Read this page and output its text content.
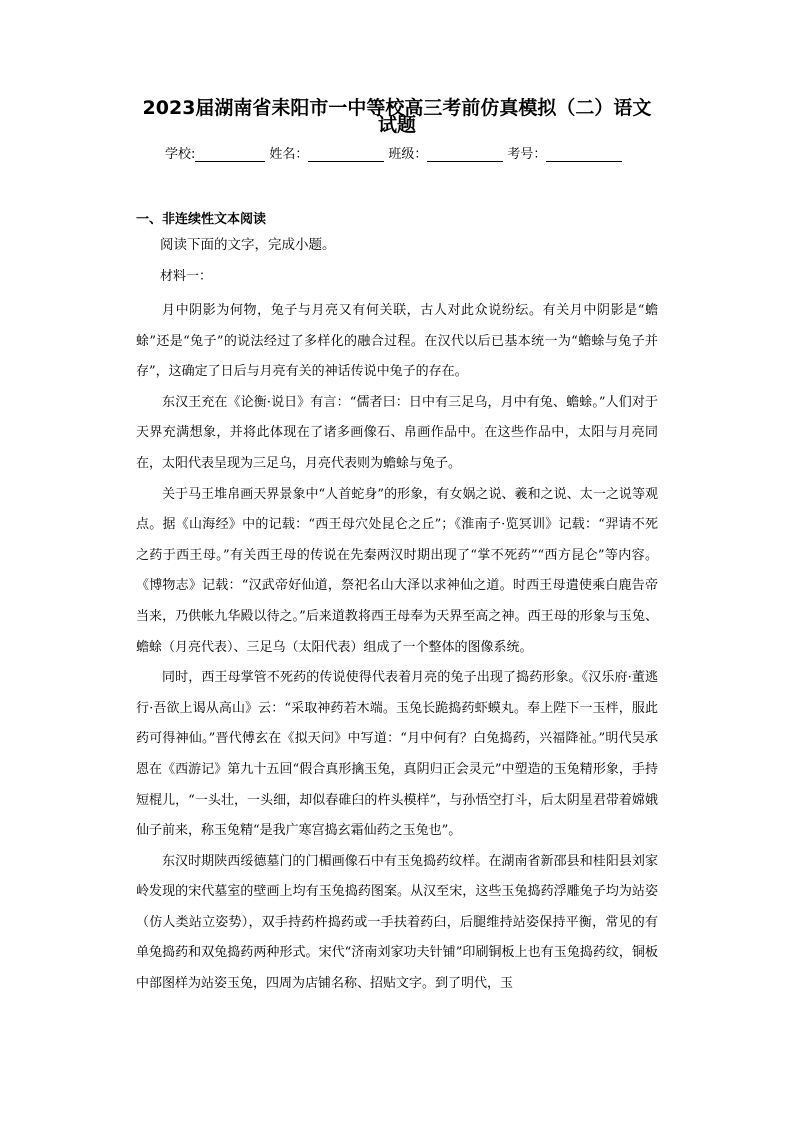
2023届湖南省耒阳市一中等校高三考前仿真模拟（二）语文
试题
学校:	姓名：	班级：	考号：
一、非连续性文本阅读
阅读下面的文字，完成小题。
材料一：

月中阴影为何物，兔子与月亮又有何关联，古人对此众说纷纭。有关月中阴影是“蟾蜍”还是“兔子”的说法经过了多样化的融合过程。在汉代以后已基本统一为“蟾蜍与兔子并存”，这确定了日后与月亮有关的神话传说中兔子的存在。

东汉王充在《论衡·说日》有言：“儒者曰：日中有三足乌，月中有兔、蟾蜍。”人们对于天界充满想象，并将此体现在了诸多画像石、帛画作品中。在这些作品中，太阳与月亮同在，太阳代表呈现为三足乌，月亮代表则为蟾蜍与兔子。

关于马王堆帛画天界景象中“人首蛇身”的形象，有女娲之说、羲和之说、太一之说等观点。据《山海经》中的记载：“西王母穴处昆仑之丘”；《淮南子·览冥训》记载：“羿请不死之药于西王母。”有关西王母的传说在先秦两汉时期出现了“掌不死药”“西方昆仑”等内容。《博物志》记载：“汉武帝好仙道，祭祀名山大泽以求神仙之道。时西王母遣使乘白鹿告帝当来，乃供帐九华殿以待之。”后来道教将西王母奉为天界至高之神。西王母的形象与玉兔、蟾蜍（月亮代表）、三足乌（太阳代表）组成了一个整体的图像系统。

同时，西王母掌管不死药的传说使得代表着月亮的兔子出现了捣药形象。《汉乐府·董逃行·吾欲上谒从高山》云：“采取神药若木端。玉兔长跪捣药虾蟆丸。奉上陛下一玉柈，服此药可得神仙。”晋代傅玄在《拟天问》中写道：“月中何有？白兔捣药，兴福降祉。”明代吴承恩在《西游记》第九十五回“假合真形擒玉兔，真阴归正会灵元”中塑造的玉兔精形象，手持短棍儿，“一头壮，一头细，却似春碓臼的杵头模样”，与孙悟空打斗，后太阴星君带着嫦娥仙子前来，称玉兔精“是我广寒宫捣玄霜仙药之玉兔也”。

东汉时期陕西绥德墓门的门楣画像石中有玉兔捣药纹样。在湖南省新邵县和桂阳县刘家岭发现的宋代墓室的壁画上均有玉兔捣药图案。从汉至宋，这些玉兔捣药浮雕兔子均为站姿（仿人类站立姿势），双手持药杵捣药或一手扶着药臼，后腿维持站姿保持平衡，常见的有单兔捣药和双兔捣药两种形式。宋代“济南刘家功夫针铺”印刷铜板上也有玉兔捣药纹，铜板中部图样为站姿玉兔，四周为店铺名称、招贴文字。到了明代，玉
